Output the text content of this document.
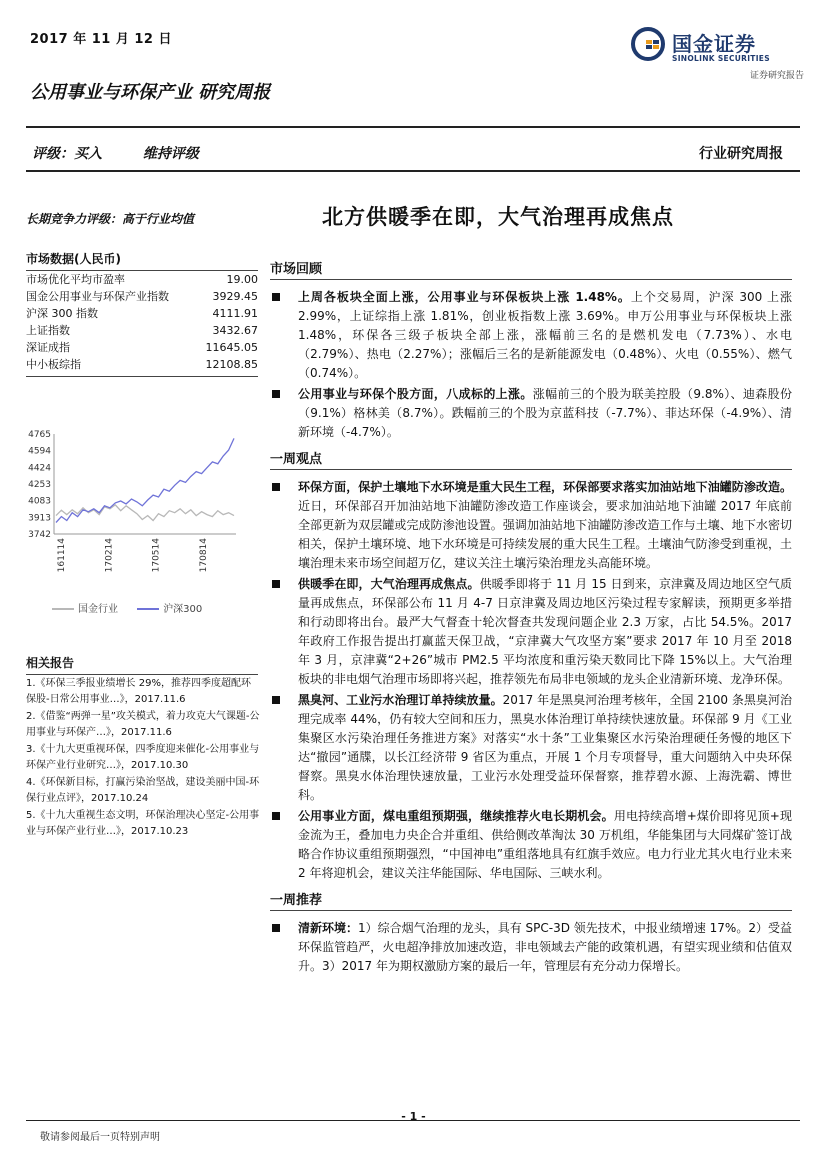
2017 年 11 月 12 日	国金证券
SINOLINK SECURITIES
证券研究报告
公用事业与环保产业 研究周报
评级：买入	维持评级	行业研究周报
长期竞争力评级：高于行业均值	北方供暖季在即，大气治理再成焦点
市场数据(人民币)
市场优化平均市盈率	19.00
国金公用事业与环保产业指数	3929.45
沪深 300 指数	4111.91
上证指数	3432.67
深证成指	11645.05
中小板综指	12108.85
4765
4594
4424
4253
4083
3913
3742
161114	170214	170514	170814
国金行业	沪深300
相关报告
1.《环保三季报业绩增长 29%，推荐四季度超配环保股-日常公用事业…》，2017.11.6
2.《借鉴“两弹一星”攻关模式，着力攻克大气课题-公用事业与环保产…》，2017.11.6
3.《十九大更重视环保，四季度迎来催化-公用事业与环保产业行业研究…》，2017.10.30
4.《环保新目标，打赢污染治坚战，建设美丽中国-环保行业点评》，2017.10.24
5.《十九大重视生态文明，环保治理决心坚定-公用事业与环保产业行业…》，2017.10.23
市场回顾
上周各板块全面上涨，公用事业与环保板块上涨 1.48%。上个交易周，沪深 300 上涨 2.99%，上证综指上涨 1.81%，创业板指数上涨 3.69%。申万公用事业与环保板块上涨 1.48%，环保各三级子板块全部上涨，涨幅前三名的是燃机发电（7.73%）、水电（2.79%）、热电（2.27%）；涨幅后三名的是新能源发电（0.48%）、火电（0.55%）、燃气（0.74%）。
公用事业与环保个股方面，八成标的上涨。涨幅前三的个股为联美控股（9.8%）、迪森股份（9.1%）格林美（8.7%）。跌幅前三的个股为京蓝科技（-7.7%）、菲达环保（-4.9%）、清新环境（-4.7%）。
一周观点
环保方面，保护土壤地下水环境是重大民生工程，环保部要求落实加油站地下油罐防渗改造。近日，环保部召开加油站地下油罐防渗改造工作座谈会，要求加油站地下油罐 2017 年底前全部更新为双层罐或完成防渗池设置。强调加油站地下油罐防渗改造工作与土壤、地下水密切相关，保护土壤环境、地下水环境是可持续发展的重大民生工程。土壤油气防渗受到重视，土壤治理未来市场空间超万亿，建议关注土壤污染治理龙头高能环境。
供暖季在即，大气治理再成焦点。供暖季即将于 11 月 15 日到来，京津冀及周边地区空气质量再成焦点，环保部公布 11 月 4-7 日京津冀及周边地区污染过程专家解读，预期更多举措和行动即将出台。最严大气督查十轮次督查共发现问题企业 2.3 万家，占比 54.5%。2017 年政府工作报告提出打赢蓝天保卫战，“京津冀大气攻坚方案”要求 2017 年 10 月至 2018 年 3 月，京津冀“2+26”城市 PM2.5 平均浓度和重污染天数同比下降 15%以上。大气治理板块的非电烟气治理市场即将兴起，推荐领先布局非电领域的龙头企业清新环境、龙净环保。
黑臭河、工业污水治理订单持续放量。2017 年是黑臭河治理考核年，全国 2100 条黑臭河治理完成率 44%，仍有较大空间和压力，黑臭水体治理订单持续快速放量。环保部 9 月《工业集聚区水污染治理任务推进方案》对落实“水十条”工业集聚区水污染治理硬任务慢的地区下达“撤园”通牒，以长江经济带 9 省区为重点，开展 1 个月专项督导，重大问题纳入中央环保督察。黑臭水体治理快速放量，工业污水处理受益环保督察，推荐碧水源、上海洗霸、博世科。
公用事业方面，煤电重组预期强，继续推荐火电长期机会。用电持续高增+煤价即将见顶+现金流为王，叠加电力央企合并重组、供给侧改革淘汰 30 万机组，华能集团与大同煤矿签订战略合作协议重组预期强烈，“中国神电”重组落地具有红旗手效应。电力行业尤其火电行业未来 2 年将迎机会，建议关注华能国际、华电国际、三峡水利。
一周推荐
清新环境：1）综合烟气治理的龙头，具有 SPC-3D 领先技术，中报业绩增速 17%。2）受益环保监管趋严，火电超净排放加速改造，非电领域去产能的政策机遇，有望实现业绩和估值双升。3）2017 年为期权激励方案的最后一年，管理层有充分动力保增长。
- 1 -
敬请参阅最后一页特别声明
